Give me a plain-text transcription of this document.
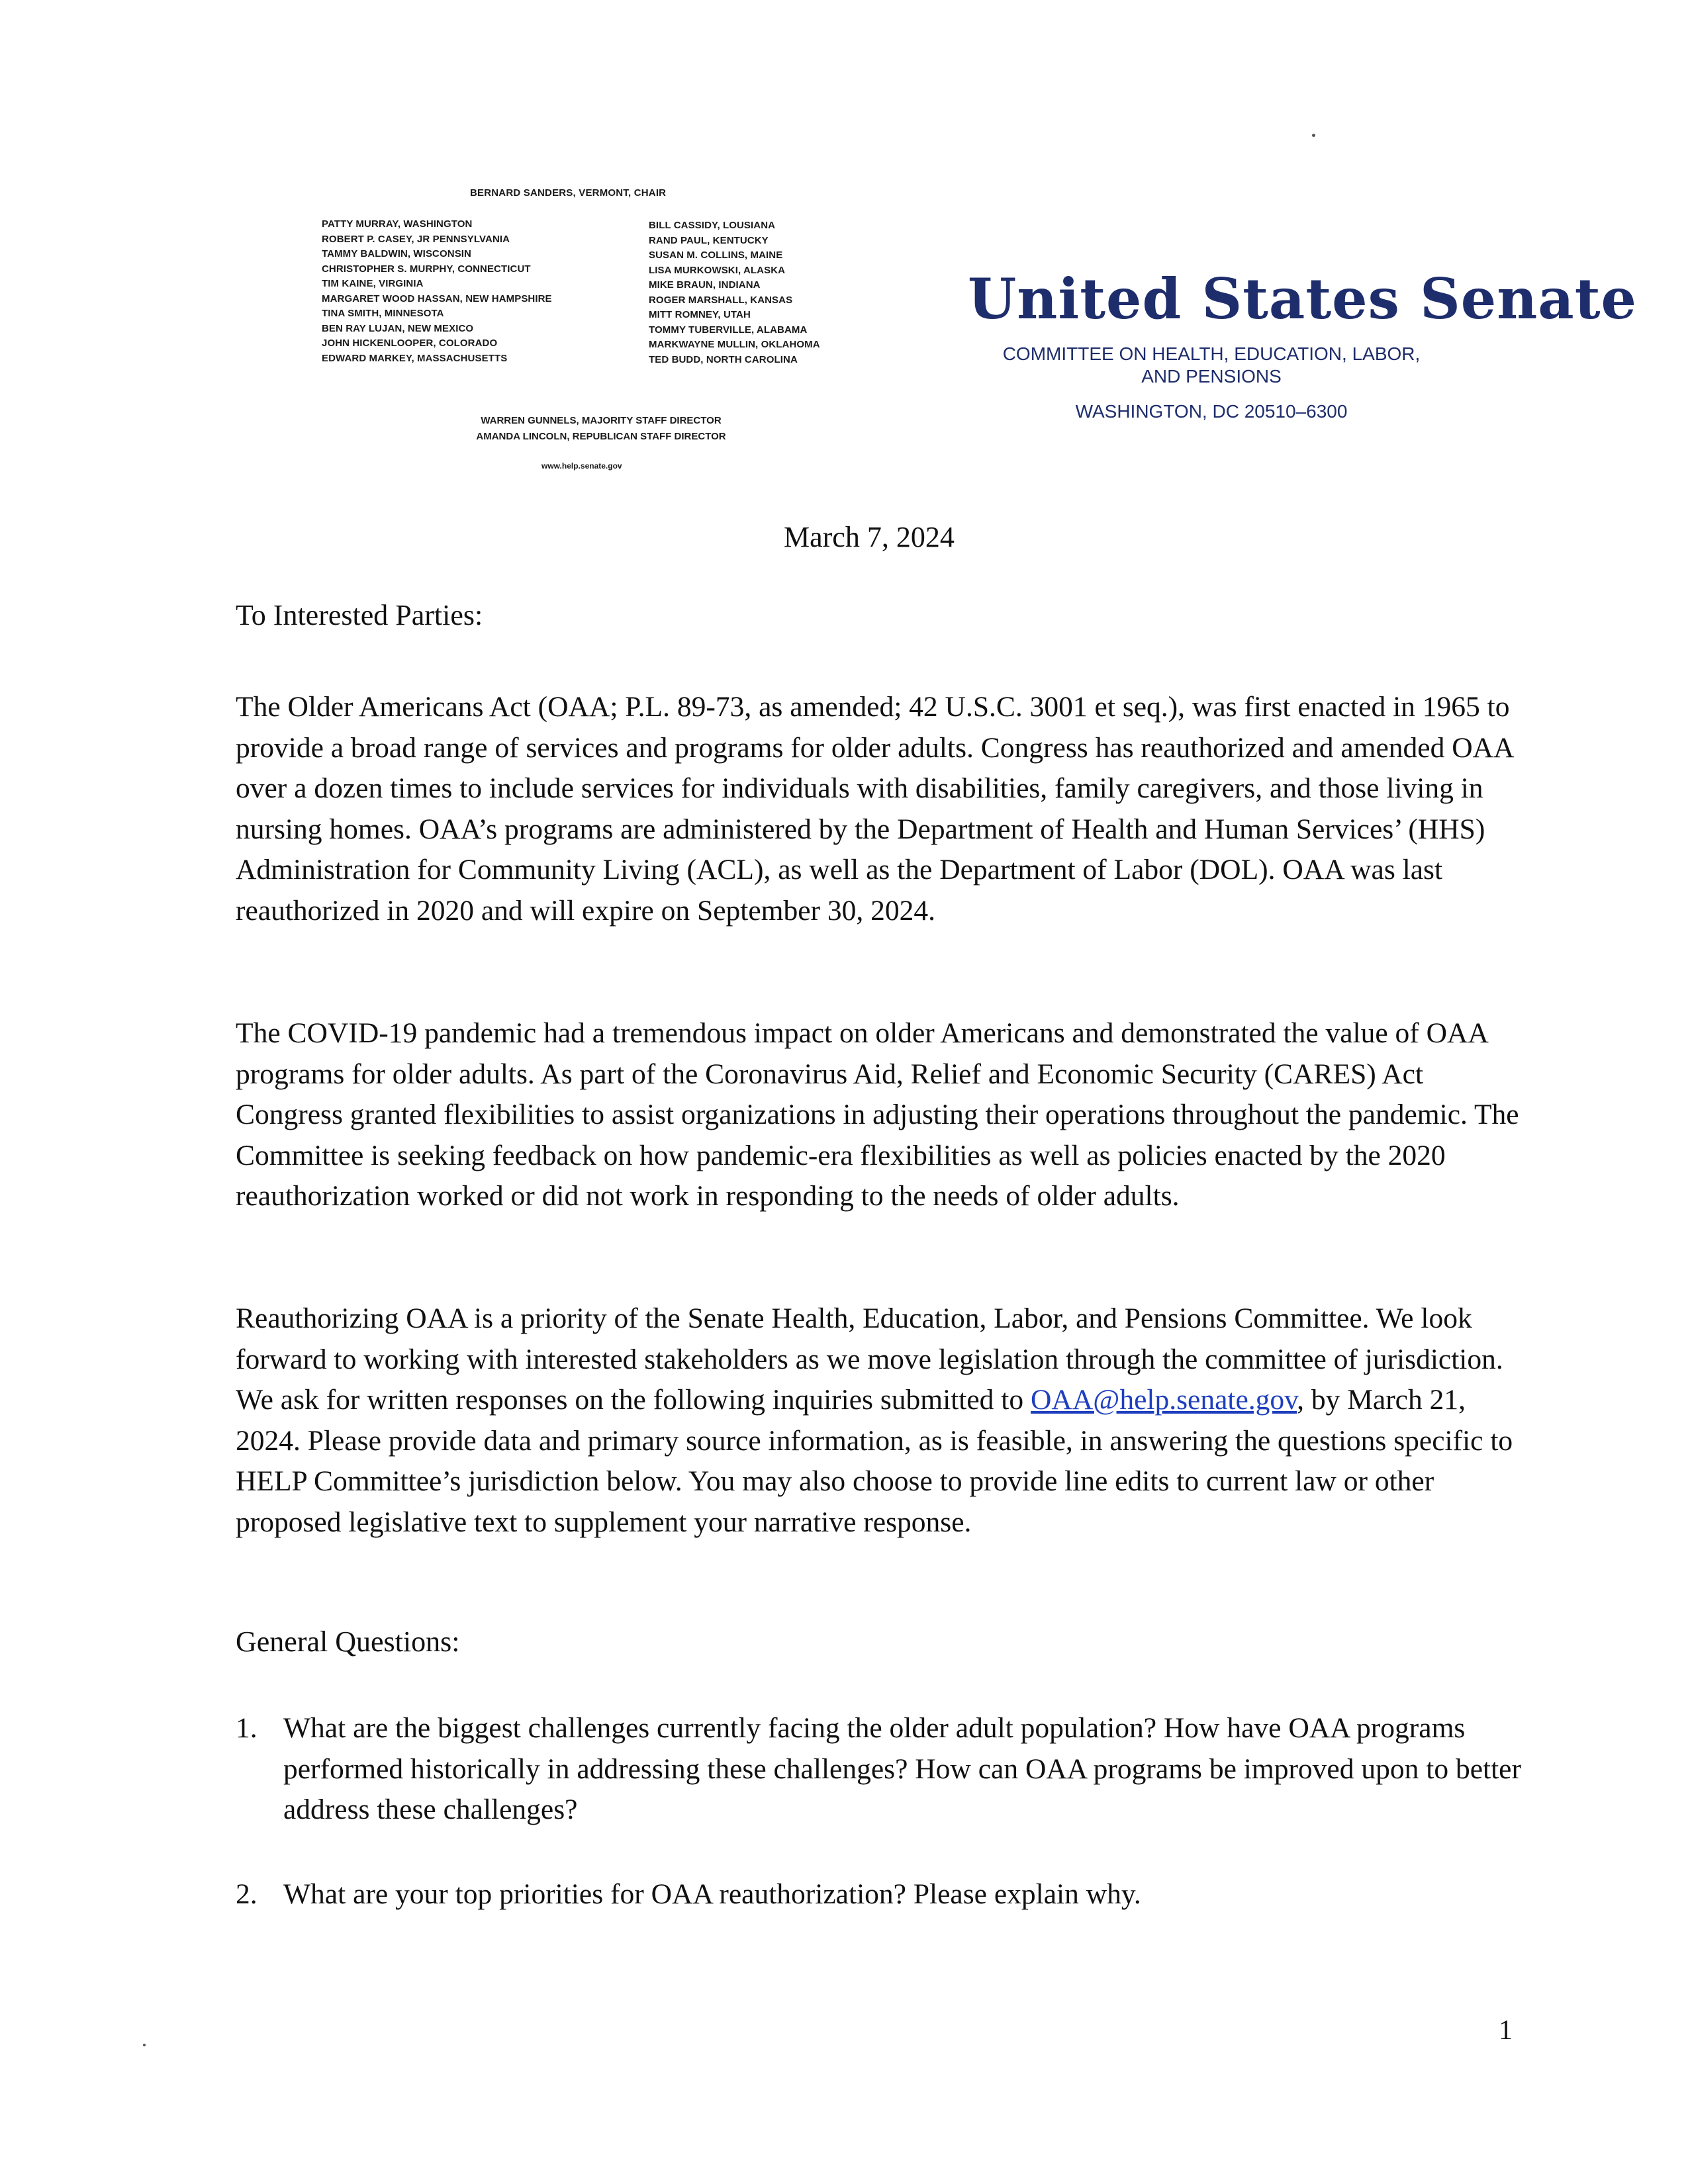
BERNARD SANDERS, VERMONT, CHAIR
PATTY MURRAY, WASHINGTON
ROBERT P. CASEY, JR PENNSYLVANIA
TAMMY BALDWIN, WISCONSIN
CHRISTOPHER S. MURPHY, CONNECTICUT
TIM KAINE, VIRGINIA
MARGARET WOOD HASSAN, NEW HAMPSHIRE
TINA SMITH, MINNESOTA
BEN RAY LUJAN, NEW MEXICO
JOHN HICKENLOOPER, COLORADO
EDWARD MARKEY, MASSACHUSETTS
BILL CASSIDY, LOUSIANA
RAND PAUL, KENTUCKY
SUSAN M. COLLINS, MAINE
LISA MURKOWSKI, ALASKA
MIKE BRAUN, INDIANA
ROGER MARSHALL, KANSAS
MITT ROMNEY, UTAH
TOMMY TUBERVILLE, ALABAMA
MARKWAYNE MULLIN, OKLAHOMA
TED BUDD, NORTH CAROLINA
WARREN GUNNELS, MAJORITY STAFF DIRECTOR
AMANDA LINCOLN, REPUBLICAN STAFF DIRECTOR
www.help.senate.gov
United States Senate
COMMITTEE ON HEALTH, EDUCATION, LABOR,
AND PENSIONS
WASHINGTON, DC 20510–6300
March 7, 2024
To Interested Parties:
The Older Americans Act (OAA; P.L. 89-73, as amended; 42 U.S.C. 3001 et seq.), was first enacted in 1965 to provide a broad range of services and programs for older adults. Congress has reauthorized and amended OAA over a dozen times to include services for individuals with disabilities, family caregivers, and those living in nursing homes. OAA’s programs are administered by the Department of Health and Human Services’ (HHS) Administration for Community Living (ACL), as well as the Department of Labor (DOL). OAA was last reauthorized in 2020 and will expire on September 30, 2024.
The COVID-19 pandemic had a tremendous impact on older Americans and demonstrated the value of OAA programs for older adults. As part of the Coronavirus Aid, Relief and Economic Security (CARES) Act Congress granted flexibilities to assist organizations in adjusting their operations throughout the pandemic. The Committee is seeking feedback on how pandemic-era flexibilities as well as policies enacted by the 2020 reauthorization worked or did not work in responding to the needs of older adults.
Reauthorizing OAA is a priority of the Senate Health, Education, Labor, and Pensions Committee. We look forward to working with interested stakeholders as we move legislation through the committee of jurisdiction. We ask for written responses on the following inquiries submitted to OAA@help.senate.gov, by March 21, 2024. Please provide data and primary source information, as is feasible, in answering the questions specific to HELP Committee’s jurisdiction below. You may also choose to provide line edits to current law or other proposed legislative text to supplement your narrative response.
General Questions:
1. What are the biggest challenges currently facing the older adult population? How have OAA programs performed historically in addressing these challenges? How can OAA programs be improved upon to better address these challenges?
2. What are your top priorities for OAA reauthorization? Please explain why.
1
